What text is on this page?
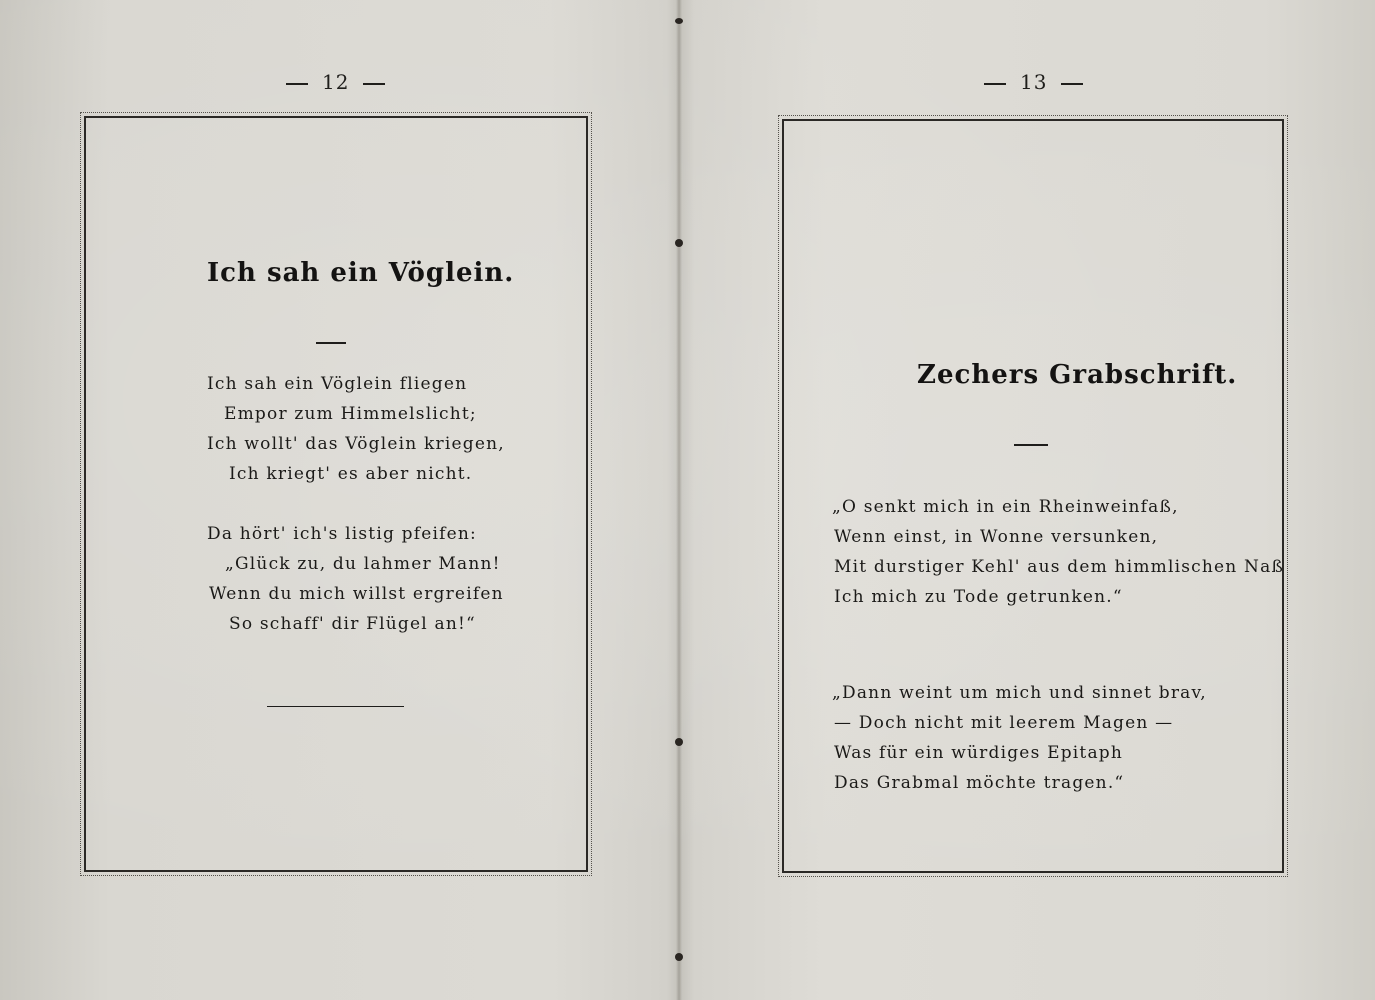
12
Ich sah ein Vöglein.
Ich sah ein Vöglein fliegen
Empor zum Himmelslicht;
Ich wollt' das Vöglein kriegen,
Ich kriegt' es aber nicht.
Da hört' ich's listig pfeifen:
„Glück zu, du lahmer Mann!
Wenn du mich willst ergreifen
So schaff' dir Flügel an!“
13
Zechers Grabschrift.
„O senkt mich in ein Rheinweinfaß,
Wenn einst, in Wonne versunken,
Mit durstiger Kehl' aus dem himmlischen Naß
Ich mich zu Tode getrunken.“
„Dann weint um mich und sinnet brav,
— Doch nicht mit leerem Magen —
Was für ein würdiges Epitaph
Das Grabmal möchte tragen.“
